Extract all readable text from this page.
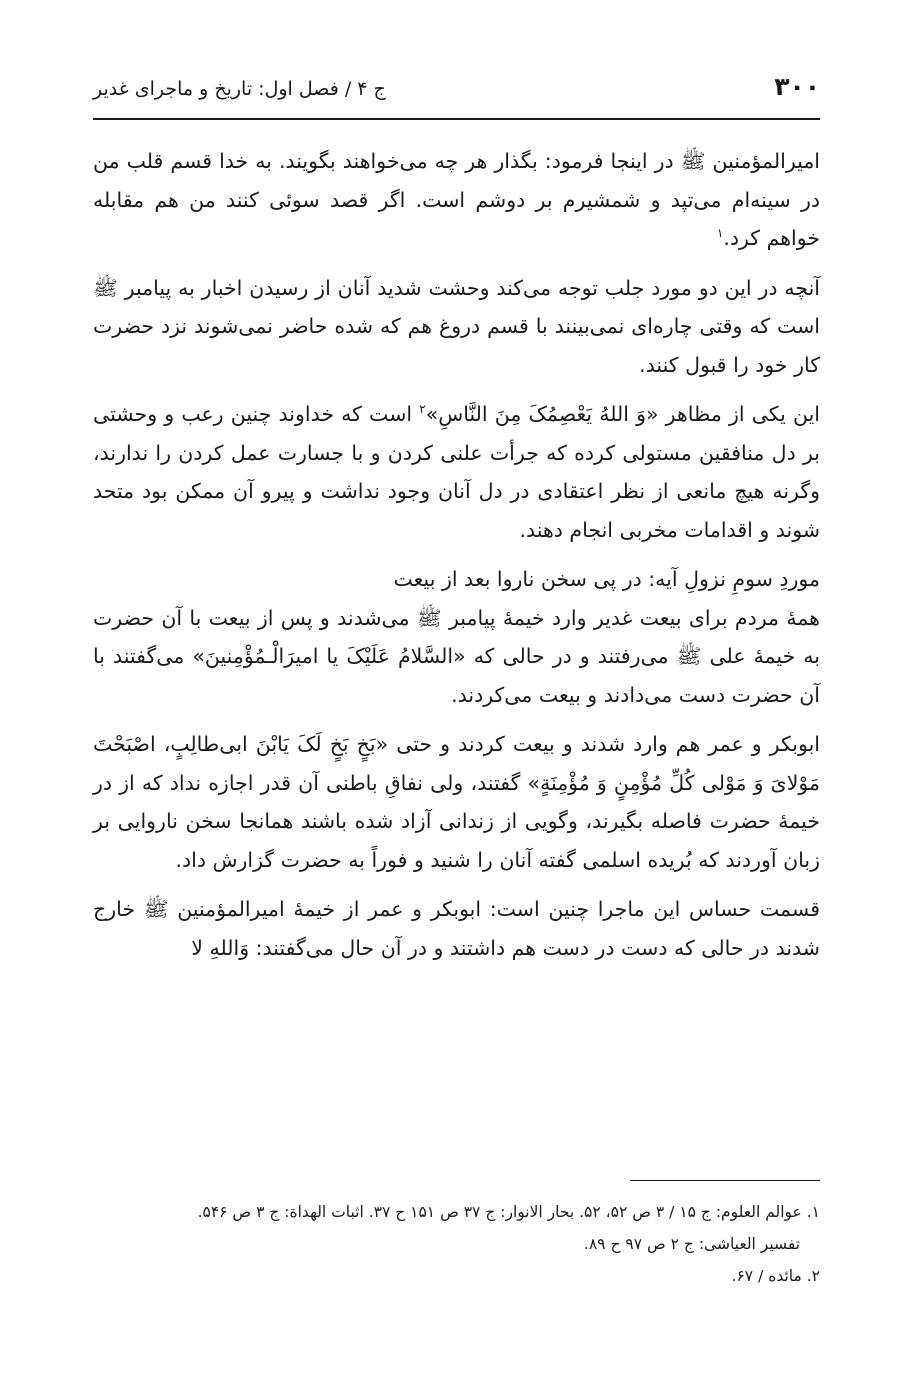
۳۰۰
ج ۴ / فصل اول: تاریخ و ماجرای غدیر

امیرالمؤمنین ﷺ در اینجا فرمود: بگذار هر چه می‌خواهند بگویند. به خدا قسم قلب من در سینه‌ام می‌تپد و شمشیرم بر دوشم است. اگر قصد سوئی کنند من هم مقابله خواهم کرد.$^۱$

آنچه در این دو مورد جلب توجه می‌کند وحشت شدید آنان از رسیدن اخبار به پیامبر ﷺ است که وقتی چاره‌ای نمی‌بینند با قسم دروغ هم که شده حاضر نمی‌شوند نزد حضرت کار خود را قبول کنند.

این یکی از مظاهر «وَ اللهُ یَعْصِمُکَ مِنَ النَّاسِ»$^۲$ است که خداوند چنین رعب و وحشتی بر دل منافقین مستولی کرده که جرأت علنی کردن و با جسارت عمل کردن را ندارند، وگرنه هیچ مانعی از نظر اعتقادی در دل آنان وجود نداشت و پیرو آن ممکن بود متحد شوند و اقدامات مخربی انجام دهند.

موردِ سومِ نزولِ آیه: در پی سخن ناروا بعد از بیعت

همهٔ مردم برای بیعت غدیر وارد خیمهٔ پیامبر ﷺ می‌شدند و پس از بیعت با آن حضرت به خیمهٔ علی ﷺ می‌رفتند و در حالی که «السَّلامُ عَلَیْکَ یا امیرَالْـمُؤْمِنینَ» می‌گفتند با آن حضرت دست می‌دادند و بیعت می‌کردند.

ابوبکر و عمر هم وارد شدند و بیعت کردند و حتی «بَخٍ بَخٍ لَکَ یَابْنَ ابی‌طالِبٍ، اصْبَحْتَ مَوْلایَ وَ مَوْلی کُلِّ مُؤْمِنٍ وَ مُؤْمِنَةٍ» گفتند، ولی نفاقِ باطنی آن قدر اجازه نداد که از در خیمهٔ حضرت فاصله بگیرند، وگویی از زندانی آزاد شده باشند همانجا سخن ناروایی بر زبان آوردند که بُریده اسلمی گفته آنان را شنید و فوراً به حضرت گزارش داد.

قسمت حساس این ماجرا چنین است: ابوبکر و عمر از خیمهٔ امیرالمؤمنین ﷺ خارج شدند در حالی که دست در دست هم داشتند و در آن حال می‌گفتند: وَاللهِ لا

۱. عوالم العلوم: ج ۱۵ / ۳ ص ۵۲، ۵۲. بحار الانوار: ج ۳۷ ص ۱۵۱ ح ۳۷. اثبات الهداة: ج ۳ ص ۵۴۶.
تفسیر العیاشی: ج ۲ ص ۹۷ ح ۸۹.
۲. مائده / ۶۷.
